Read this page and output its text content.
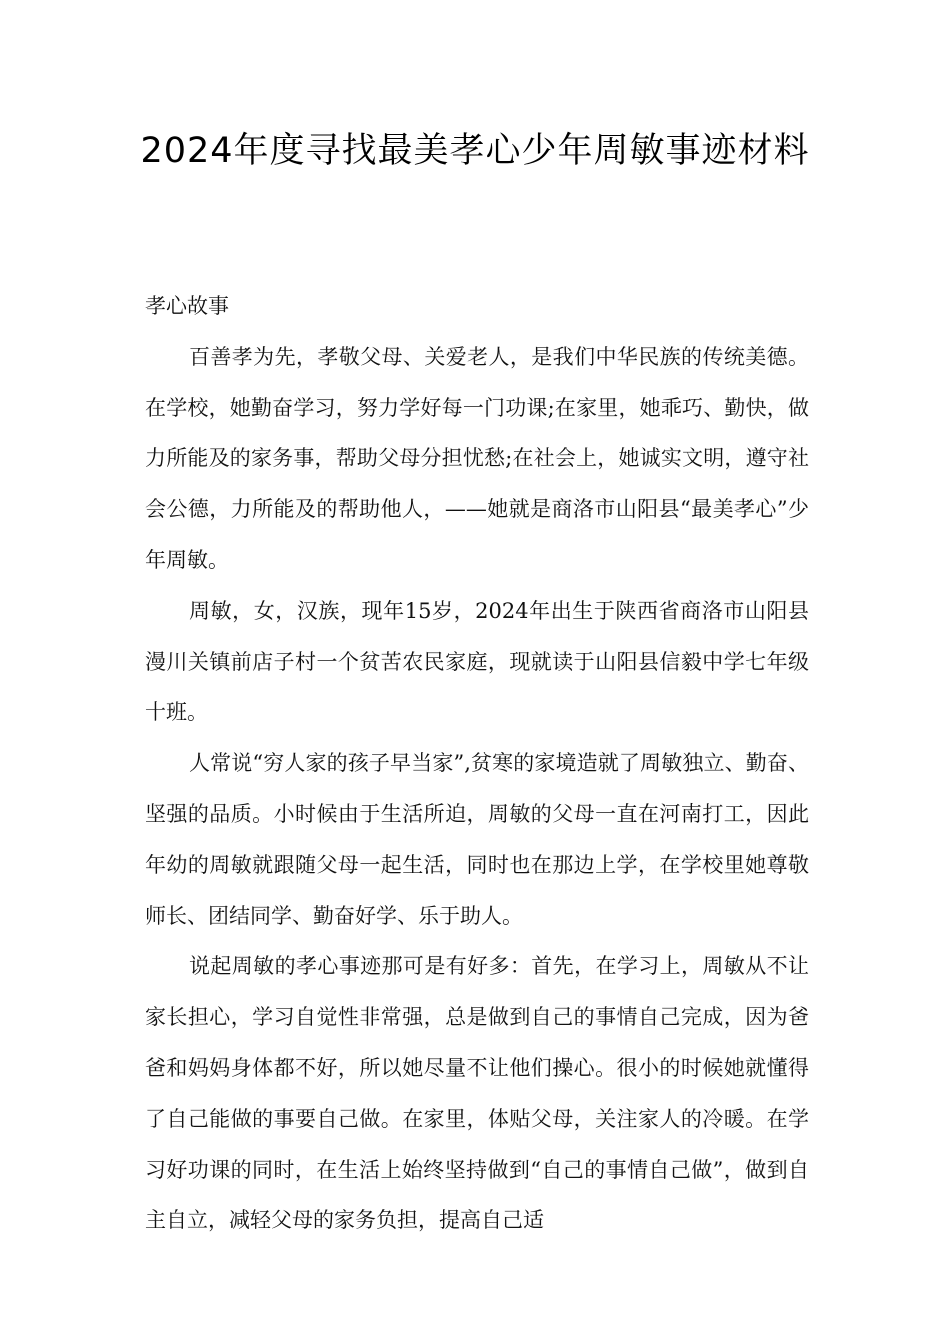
2024年度寻找最美孝心少年周敏事迹材料

孝心故事

百善孝为先，孝敬父母、关爱老人，是我们中华民族的传统美德。在学校，她勤奋学习，努力学好每一门功课;在家里，她乖巧、勤快，做力所能及的家务事，帮助父母分担忧愁;在社会上，她诚实文明，遵守社会公德，力所能及的帮助他人，——她就是商洛市山阳县“最美孝心”少年周敏。

周敏，女，汉族，现年15岁，2024年出生于陕西省商洛市山阳县漫川关镇前店子村一个贫苦农民家庭，现就读于山阳县信毅中学七年级十班。

人常说“穷人家的孩子早当家”,贫寒的家境造就了周敏独立、勤奋、坚强的品质。小时候由于生活所迫，周敏的父母一直在河南打工，因此年幼的周敏就跟随父母一起生活，同时也在那边上学，在学校里她尊敬师长、团结同学、勤奋好学、乐于助人。

说起周敏的孝心事迹那可是有好多：首先，在学习上，周敏从不让家长担心，学习自觉性非常强，总是做到自己的事情自己完成，因为爸爸和妈妈身体都不好，所以她尽量不让他们操心。很小的时候她就懂得了自己能做的事要自己做。在家里，体贴父母，关注家人的冷暖。在学习好功课的同时，在生活上始终坚持做到“自己的事情自己做”，做到自主自立，减轻父母的家务负担，提高自己适
